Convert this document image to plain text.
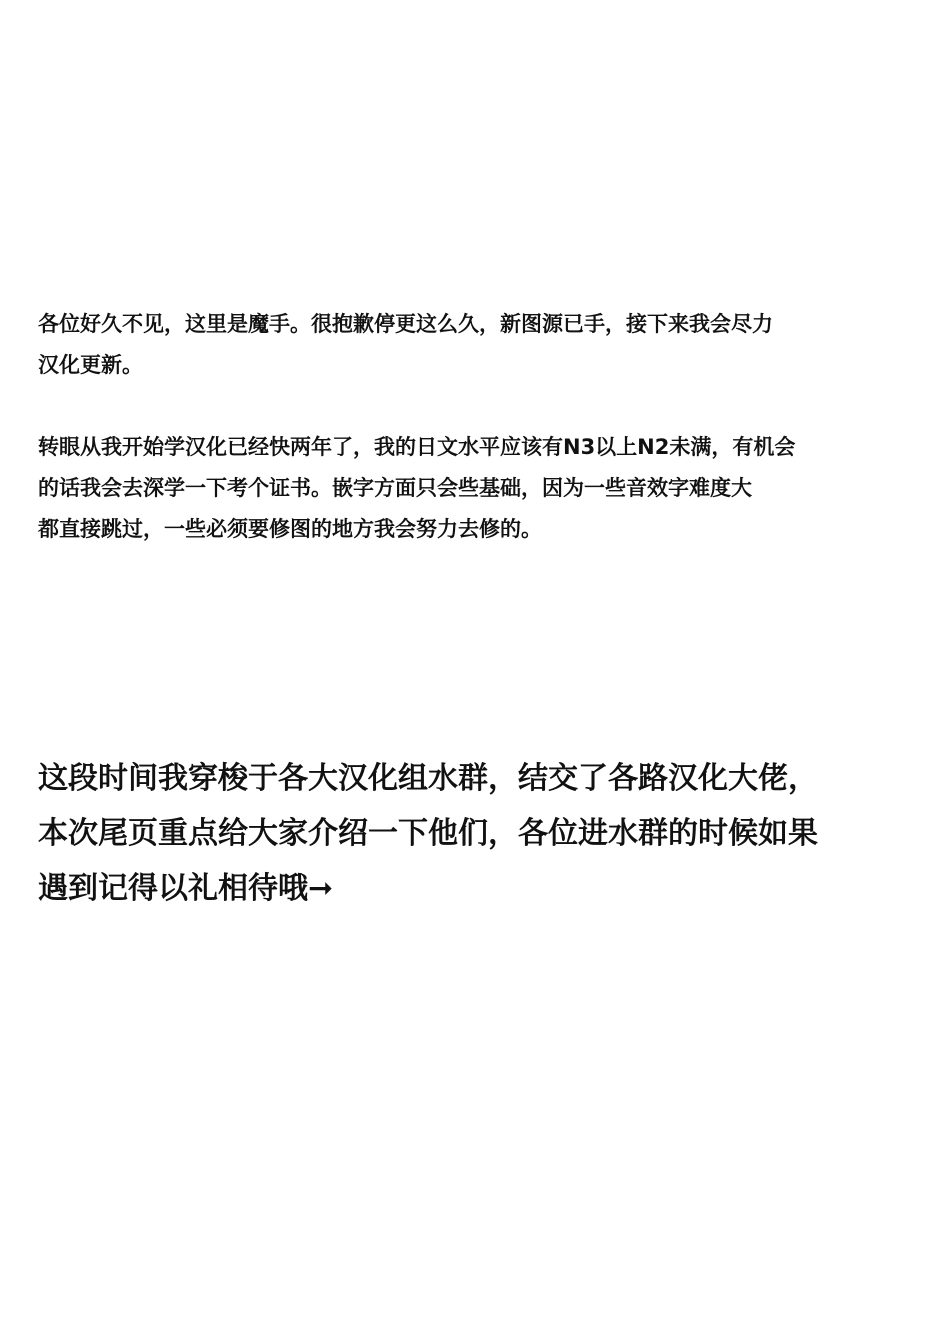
各位好久不见，这里是魔手。很抱歉停更这么久，新图源已手，接下来我会尽力
汉化更新。

转眼从我开始学汉化已经快两年了，我的日文水平应该有N3以上N2未满，有机会
的话我会去深学一下考个证书。嵌字方面只会些基础，因为一些音效字难度大
都直接跳过，一些必须要修图的地方我会努力去修的。

这段时间我穿梭于各大汉化组水群，结交了各路汉化大佬，
本次尾页重点给大家介绍一下他们，各位进水群的时候如果
遇到记得以礼相待哦➞
